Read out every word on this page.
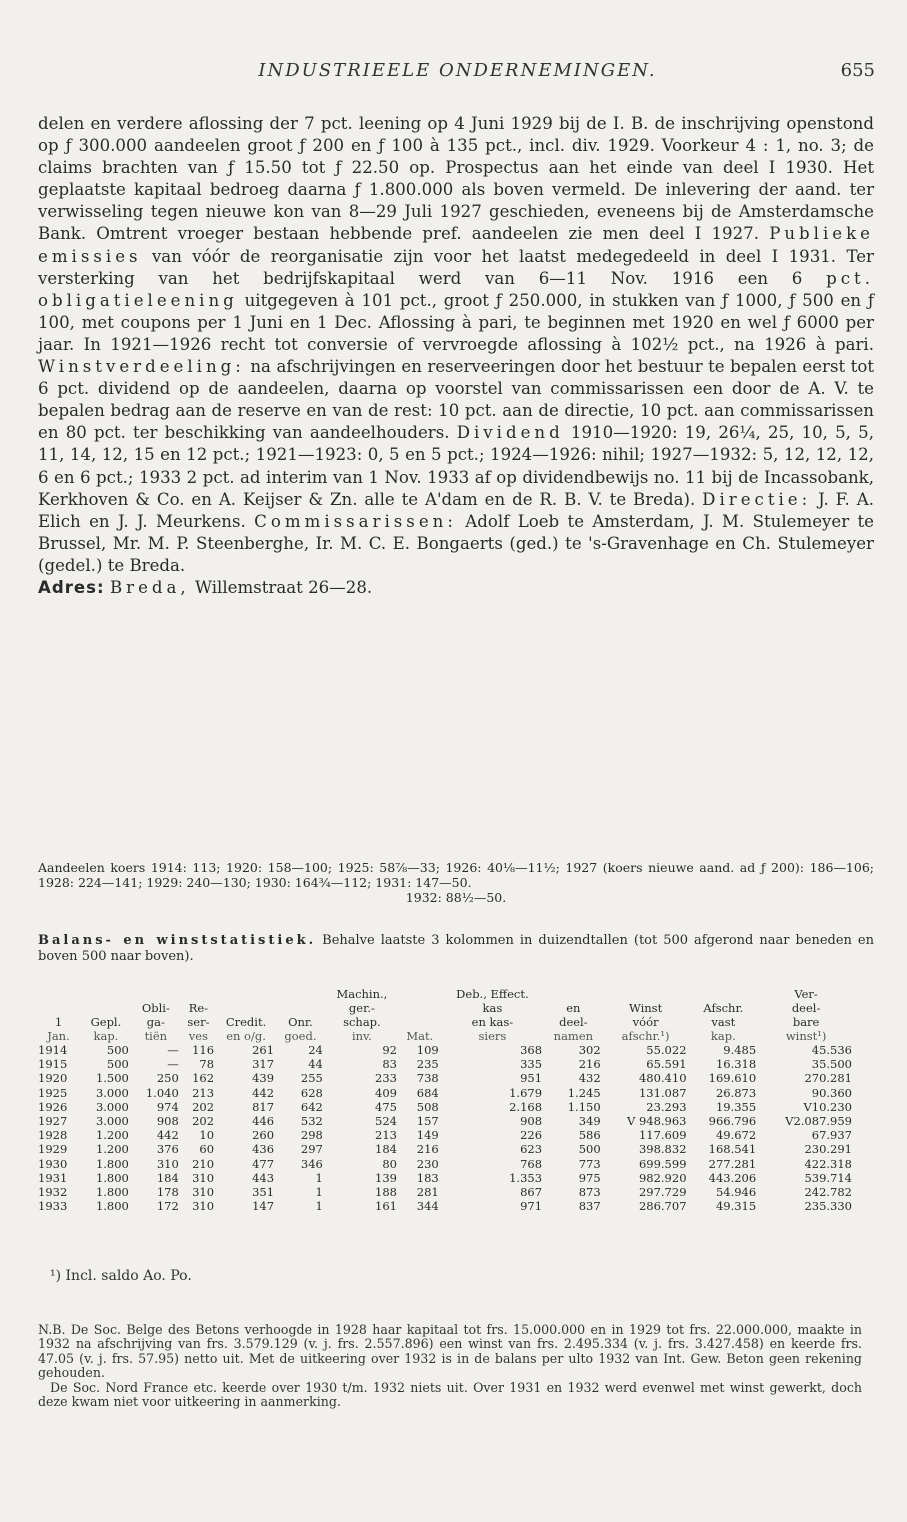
INDUSTRIEELE ONDERNEMINGEN.	655

delen en verdere aflossing der 7 pct. leening op 4 Juni 1929 bij de I. B. de inschrijving openstond op ƒ 300.000 aandeelen groot ƒ 200 en ƒ 100 à 135 pct., incl. div. 1929. Voorkeur 4 : 1, no. 3; de claims brachten van ƒ 15.50 tot ƒ 22.50 op. Prospectus aan het einde van deel I 1930. Het geplaatste kapitaal bedroeg daarna ƒ 1.800.000 als boven vermeld. De inlevering der aand. ter verwisseling tegen nieuwe kon van 8—29 Juli 1927 geschieden, eveneens bij de Amsterdamsche Bank. Omtrent vroeger bestaan hebbende pref. aandeelen zie men deel I 1927. Publieke emissies van vóór de reorganisatie zijn voor het laatst medegedeeld in deel I 1931. Ter versterking van het bedrijfskapitaal werd van 6—11 Nov. 1916 een 6 pct. obligatieleening uitgegeven à 101 pct., groot ƒ 250.000, in stukken van ƒ 1000, ƒ 500 en ƒ 100, met coupons per 1 Juni en 1 Dec. Aflossing à pari, te beginnen met 1920 en wel ƒ 6000 per jaar. In 1921—1926 recht tot conversie of vervroegde aflossing à 102½ pct., na 1926 à pari. Winstverdeeling: na afschrijvingen en reserveeringen door het bestuur te bepalen eerst tot 6 pct. dividend op de aandeelen, daarna op voorstel van commissarissen een door de A. V. te bepalen bedrag aan de reserve en van de rest: 10 pct. aan de directie, 10 pct. aan commissarissen en 80 pct. ter beschikking van aandeelhouders. Dividend 1910—1920: 19, 26¼, 25, 10, 5, 5, 11, 14, 12, 15 en 12 pct.; 1921—1923: 0, 5 en 5 pct.; 1924—1926: nihil; 1927—1932: 5, 12, 12, 12, 6 en 6 pct.; 1933 2 pct. ad interim van 1 Nov. 1933 af op dividendbewijs no. 11 bij de Incassobank, Kerkhoven & Co. en A. Keijser & Zn. alle te A'dam en de R. B. V. te Breda). Directie: J. F. A. Elich en J. J. Meurkens. Commissarissen: Adolf Loeb te Amsterdam, J. M. Stulemeyer te Brussel, Mr. M. P. Steenberghe, Ir. M. C. E. Bongaerts (ged.) te 's-Gravenhage en Ch. Stulemeyer (gedel.) te Breda.

Adres: Breda, Willemstraat 26—28.

Aandeelen koers 1914: 113; 1920: 158—100; 1925: 58⅞—33; 1926: 40⅛—11½; 1927 (koers nieuwe aand. ad ƒ 200): 186—106; 1928: 224—141; 1929: 240—130; 1930: 164¾—112; 1931: 147—50.

1932: 88½—50.

Balans- en winststatistiek. Behalve laatste 3 kolommen in duizendtallen (tot 500 afgerond naar beneden en boven 500 naar boven).

						Machin.,		Deb., Effect.				Ver-
		Obli-	Re-			ger.-		kas	en	Winst	Afschr.	deel-
1	Gepl.	ga-	ser-	Credit.	Onr.	schap.		en kas-	deel-	vóór	vast	bare
Jan.	kap.	tiën	ves	en o/g.	goed.	inv.	Mat.	siers	namen	afschr.¹)	kap.	winst¹)
1914	500	—	116	261	24	92	109	368	302	55.022	9.485	45.536
1915	500	—	78	317	44	83	235	335	216	65.591	16.318	35.500
1920	1.500	250	162	439	255	233	738	951	432	480.410	169.610	270.281
1925	3.000	1.040	213	442	628	409	684	1.679	1.245	131.087	26.873	90.360
1926	3.000	974	202	817	642	475	508	2.168	1.150	23.293	19.355	V10.230
1927	3.000	908	202	446	532	524	157	908	349	V 948.963	966.796	V2.087.959
1928	1.200	442	10	260	298	213	149	226	586	117.609	49.672	67.937
1929	1.200	376	60	436	297	184	216	623	500	398.832	168.541	230.291
1930	1.800	310	210	477	346	80	230	768	773	699.599	277.281	422.318
1931	1.800	184	310	443	1	139	183	1.353	975	982.920	443.206	539.714
1932	1.800	178	310	351	1	188	281	867	873	297.729	54.946	242.782
1933	1.800	172	310	147	1	161	344	971	837	286.707	49.315	235.330
¹) Incl. saldo Ao. Po.

N.B. De Soc. Belge des Betons verhoogde in 1928 haar kapitaal tot frs. 15.000.000 en in 1929 tot frs. 22.000.000, maakte in 1932 na afschrijving van frs. 3.579.129 (v. j. frs. 2.557.896) een winst van frs. 2.495.334 (v. j. frs. 3.427.458) en keerde frs. 47.05 (v. j. frs. 57.95) netto uit. Met de uitkeering over 1932 is in de balans per ulto 1932 van Int. Gew. Beton geen rekening gehouden.

De Soc. Nord France etc. keerde over 1930 t/m. 1932 niets uit. Over 1931 en 1932 werd evenwel met winst gewerkt, doch deze kwam niet voor uitkeering in aanmerking.
